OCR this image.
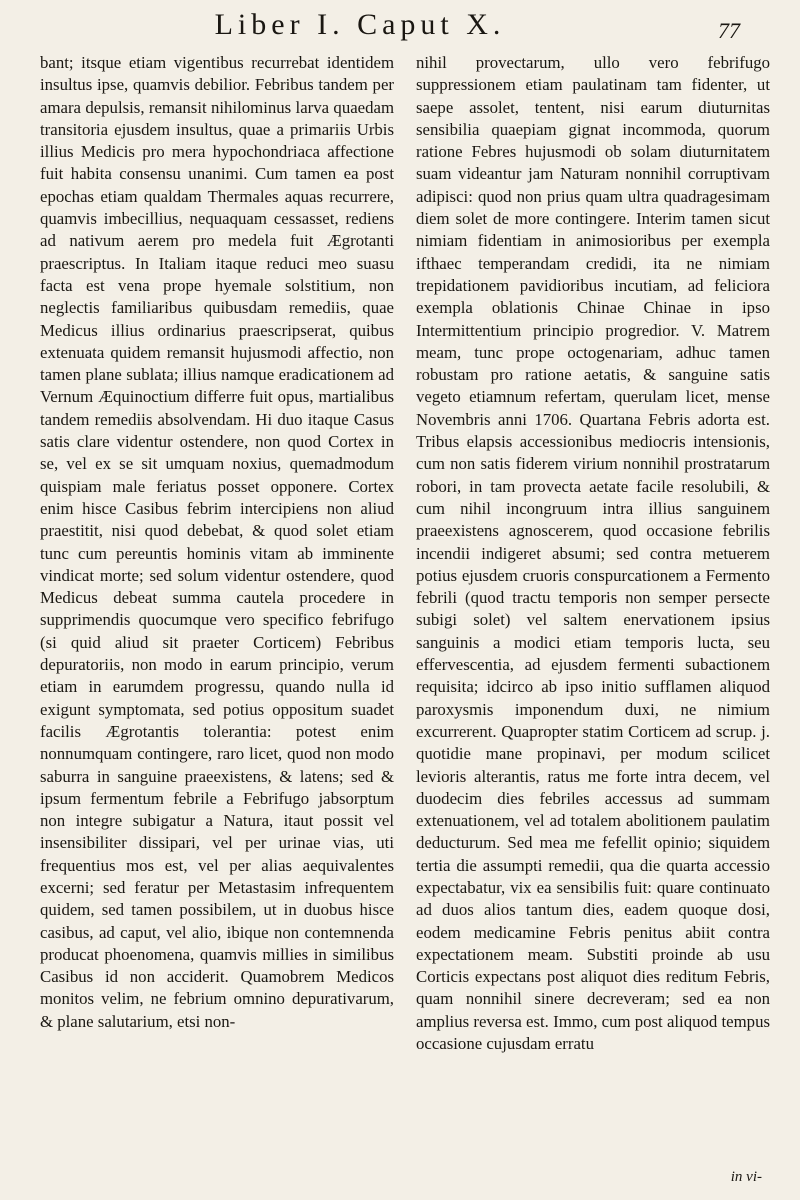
Liber I. Caput X.	77

bant; itsque etiam vigentibus recurrebat identidem insultus ipse, quamvis debilior. Febribus tandem per amara depulsis, remansit nihilominus larva quaedam transitoria ejusdem insultus, quae a primariis Urbis illius Medicis pro mera hypochondriaca affectione fuit habita consensu unanimi. Cum tamen ea post epochas etiam qualdam Thermales aquas recurrere, quamvis imbecillius, nequaquam cessasset, rediens ad nativum aerem pro medela fuit Ægrotanti praescriptus. In Italiam itaque reduci meo suasu facta est vena prope hyemale solstitium, non neglectis familiaribus quibusdam remediis, quae Medicus illius ordinarius praescripserat, quibus extenuata quidem remansit hujusmodi affectio, non tamen plane sublata; illius namque eradicationem ad Vernum Æquinoctium differre fuit opus, martialibus tandem remediis absolvendam. Hi duo itaque Casus satis clare videntur ostendere, non quod Cortex in se, vel ex se sit umquam noxius, quemadmodum quispiam male feriatus posset opponere. Cortex enim hisce Casibus febrim intercipiens non aliud praestitit, nisi quod debebat, & quod solet etiam tunc cum pereuntis hominis vitam ab imminente vindicat morte; sed solum videntur ostendere, quod Medicus debeat summa cautela procedere in supprimendis quocumque vero specifico febrifugo (si quid aliud sit praeter Corticem) Febribus depuratoriis, non modo in earum principio, verum etiam in earumdem progressu, quando nulla id exigunt symptomata, sed potius oppositum suadet facilis Ægrotantis tolerantia: potest enim nonnumquam contingere, raro licet, quod non modo saburra in sanguine praeexistens, & latens; sed & ipsum fermentum febrile a Febrifugo jabsorptum non integre subigatur a Natura, itaut possit vel insensibiliter dissipari, vel per urinae vias, uti frequentius mos est, vel per alias aequivalentes excerni; sed feratur per Metastasim infrequentem quidem, sed tamen possibilem, ut in duobus hisce casibus, ad caput, vel alio, ibique non contemnenda producat phoenomena, quamvis millies in similibus Casibus id non acciderit. Quamobrem Medicos monitos velim, ne febrium omnino depurativarum, & plane salutarium, etsi non-

nihil provectarum, ullo vero febrifugo suppressionem etiam paulatinam tam fidenter, ut saepe assolet, tentent, nisi earum diuturnitas sensibilia quaepiam gignat incommoda, quorum ratione Febres hujusmodi ob solam diuturnitatem suam videantur jam Naturam nonnihil corruptivam adipisci: quod non prius quam ultra quadragesimam diem solet de more contingere. Interim tamen sicut nimiam fidentiam in animosioribus per exempla ifthaec temperandam credidi, ita ne nimiam trepidationem pavidioribus incutiam, ad feliciora exempla oblationis Chinae Chinae in ipso Intermittentium principio progredior. V. Matrem meam, tunc prope octogenariam, adhuc tamen robustam pro ratione aetatis, & sanguine satis vegeto etiamnum refertam, querulam licet, mense Novembris anni 1706. Quartana Febris adorta est. Tribus elapsis accessionibus mediocris intensionis, cum non satis fiderem virium nonnihil prostratarum robori, in tam provecta aetate facile resolubili, & cum nihil incongruum intra illius sanguinem praeexistens agnoscerem, quod occasione febrilis incendii indigeret absumi; sed contra metuerem potius ejusdem cruoris conspurcationem a Fermento febrili (quod tractu temporis non semper persecte subigi solet) vel saltem enervationem ipsius sanguinis a modici etiam temporis lucta, seu effervescentia, ad ejusdem fermenti subactionem requisita; idcirco ab ipso initio sufflamen aliquod paroxysmis imponendum duxi, ne nimium excurrerent. Quapropter statim Corticem ad scrup. j. quotidie mane propinavi, per modum scilicet levioris alterantis, ratus me forte intra decem, vel duodecim dies febriles accessus ad summam extenuationem, vel ad totalem abolitionem paulatim deducturum. Sed mea me fefellit opinio; siquidem tertia die assumpti remedii, qua die quarta accessio expectabatur, vix ea sensibilis fuit: quare continuato ad duos alios tantum dies, eadem quoque dosi, eodem medicamine Febris penitus abiit contra expectationem meam. Substiti proinde ab usu Corticis expectans post aliquot dies reditum Febris, quam nonnihil sinere decreveram; sed ea non amplius reversa est. Immo, cum post aliquod tempus occasione cujusdam erratu

in vi-
